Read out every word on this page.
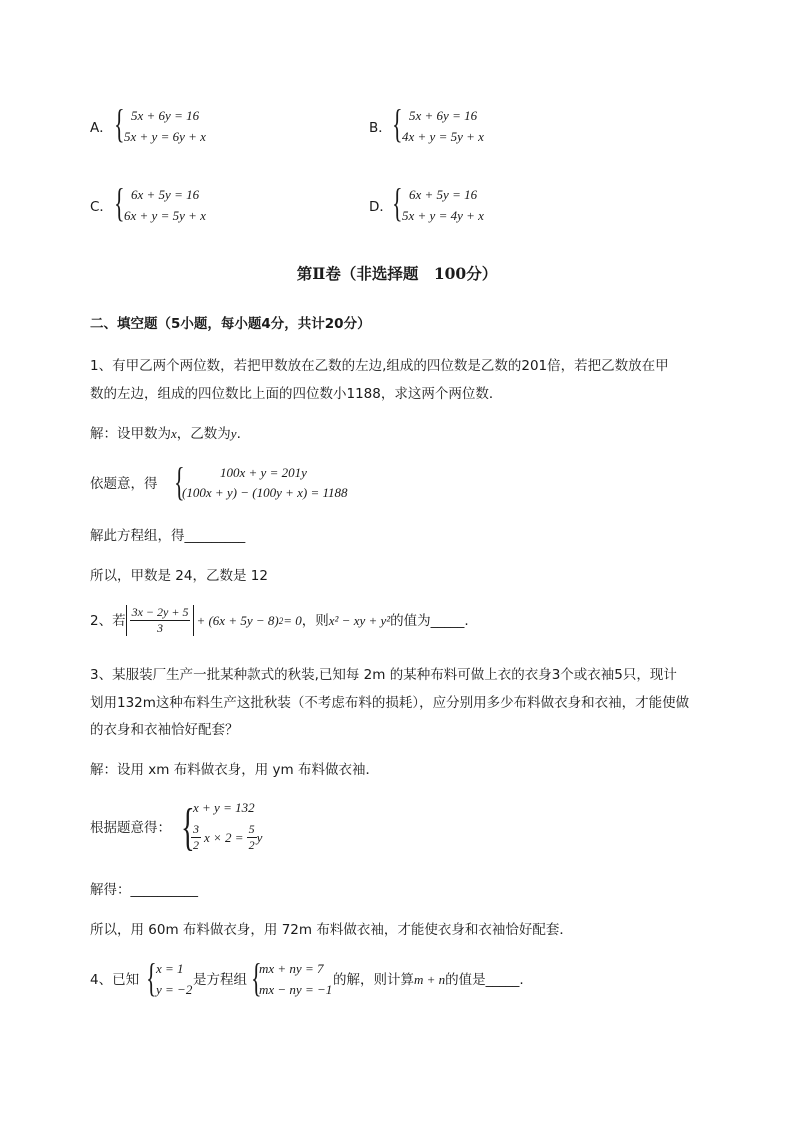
A． { 5x + 6y = 16
5x + y = 6y + x
B． { 5x + 6y = 16
4x + y = 5y + x
C． { 6x + 5y = 16
6x + y = 5y + x
D． { 6x + 5y = 16
5x + y = 4y + x
第Ⅱ卷（非选择题　100分）
二、填空题（5小题，每小题4分，共计20分）
1、有甲乙两个两位数，若把甲数放在乙数的左边,组成的四位数是乙数的201倍，若把乙数放在甲
数的左边，组成的四位数比上面的四位数小1188，求这两个两位数．
解：设甲数为x，乙数为y.
依题意，得 {	100x + y = 201y
(100x + y) − (100y + x) = 1188
解此方程组，得_________
所以，甲数是 24，乙数是 12
2、若 $\frac{3x - 2y + 5}{3} + (6x + 5y - 8) 2 = 0$ ，则 x² − xy + y² 的值为_____.
3、某服装厂生产一批某种款式的秋装,已知每 2m 的某种布料可做上衣的衣身3个或衣袖5只，现计
划用132m这种布料生产这批秋装（不考虑布料的损耗），应分别用多少布料做衣身和衣袖，才能使做
的衣身和衣袖恰好配套？
解：设用 xm 布料做衣身，用 ym 布料做衣袖．
根据题意得： {
x + y = 132
$\frac{3}{2}$ $x \times 2 = \frac{5}{2}$ y
解得：__________
所以，用 60m 布料做衣身，用 72m 布料做衣袖，才能使衣身和衣袖恰好配套．
4、已知 { x = 1
y = −2
是方程组 {
mx + ny = 7
mx − ny = −1
的解，则计算m + n的值是_____.
